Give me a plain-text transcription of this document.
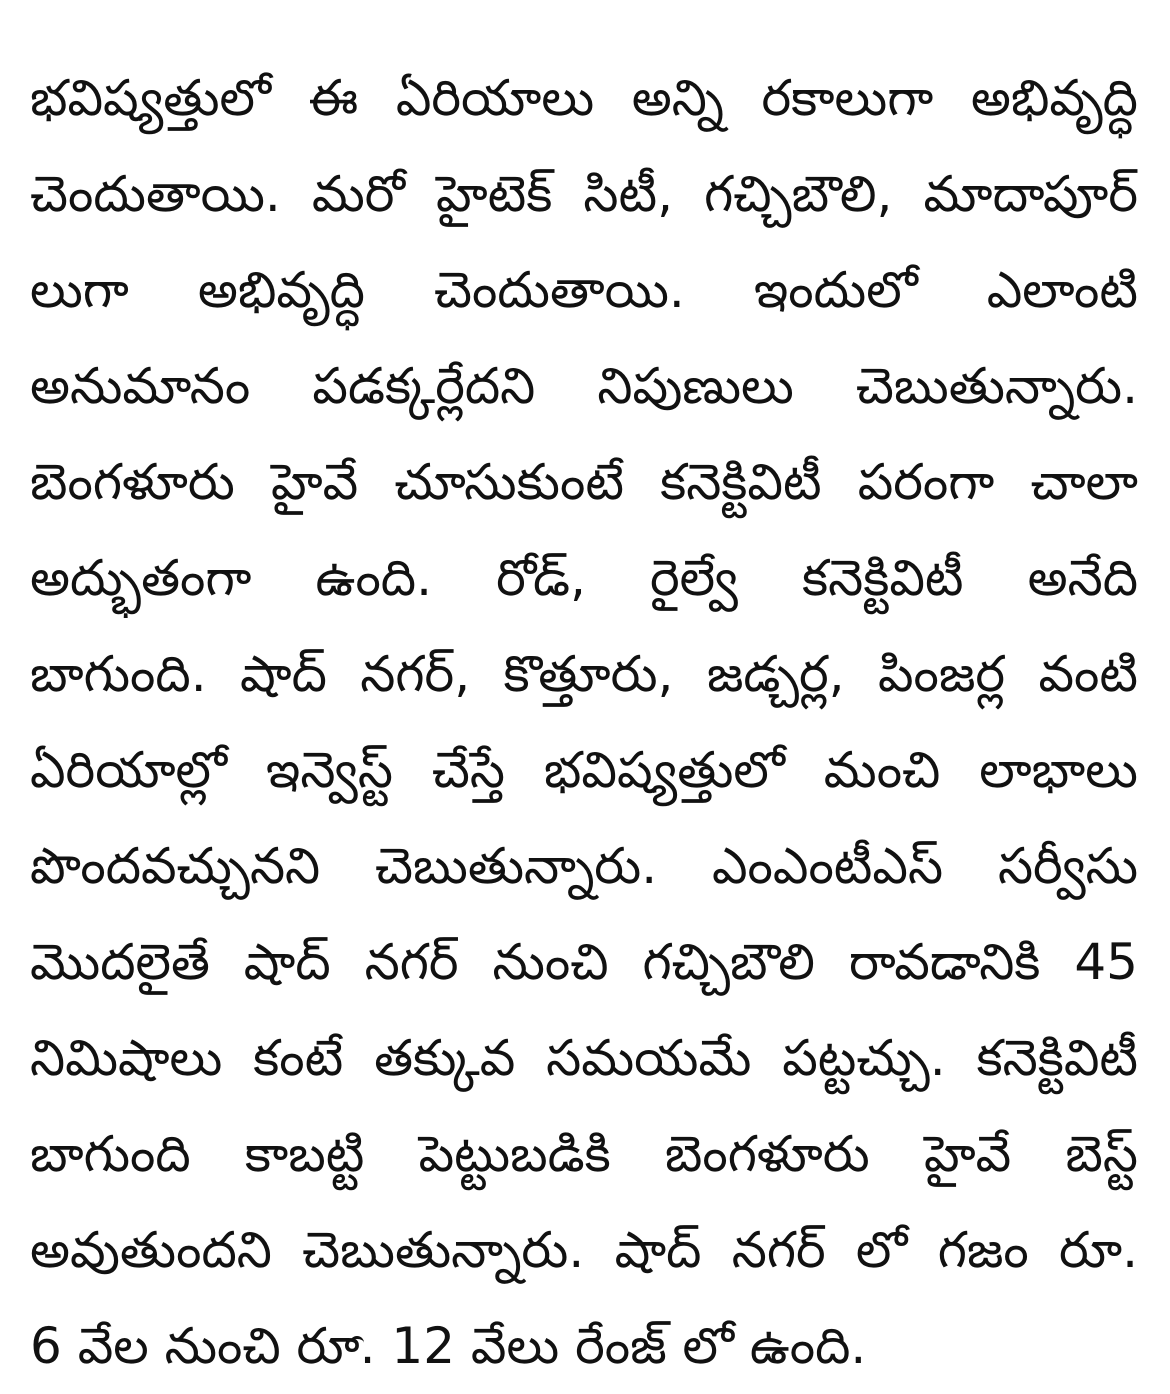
భవిష్యత్తులో ఈ ఏరియాలు అన్ని రకాలుగా అభివృద్ధి
చెందుతాయి. మరో హైటెక్ సిటీ, గచ్చిబౌలి, మాదాపూర్
లుగా అభివృద్ధి చెందుతాయి. ఇందులో ఎలాంటి
అనుమానం పడక్కర్లేదని నిపుణులు చెబుతున్నారు.
బెంగళూరు హైవే చూసుకుంటే కనెక్టివిటీ పరంగా చాలా
అద్భుతంగా ఉంది. రోడ్, రైల్వే కనెక్టివిటీ అనేది
బాగుంది. షాద్ నగర్, కొత్తూరు, జడ్చర్ల, పింజర్ల వంటి
ఏరియాల్లో ఇన్వెస్ట్ చేస్తే భవిష్యత్తులో మంచి లాభాలు
పొందవచ్చునని చెబుతున్నారు. ఎంఎంటీఎస్ సర్వీసు
మొదలైతే షాద్ నగర్ నుంచి గచ్చిబౌలి రావడానికి 45
నిమిషాలు కంటే తక్కువ సమయమే పట్టచ్చు. కనెక్టివిటీ
బాగుంది కాబట్టి పెట్టుబడికి బెంగళూరు హైవే బెస్ట్
అవుతుందని చెబుతున్నారు. షాద్ నగర్ లో గజం రూ.
6 వేల నుంచి రూ. 12 వేలు రేంజ్ లో ఉంది.
